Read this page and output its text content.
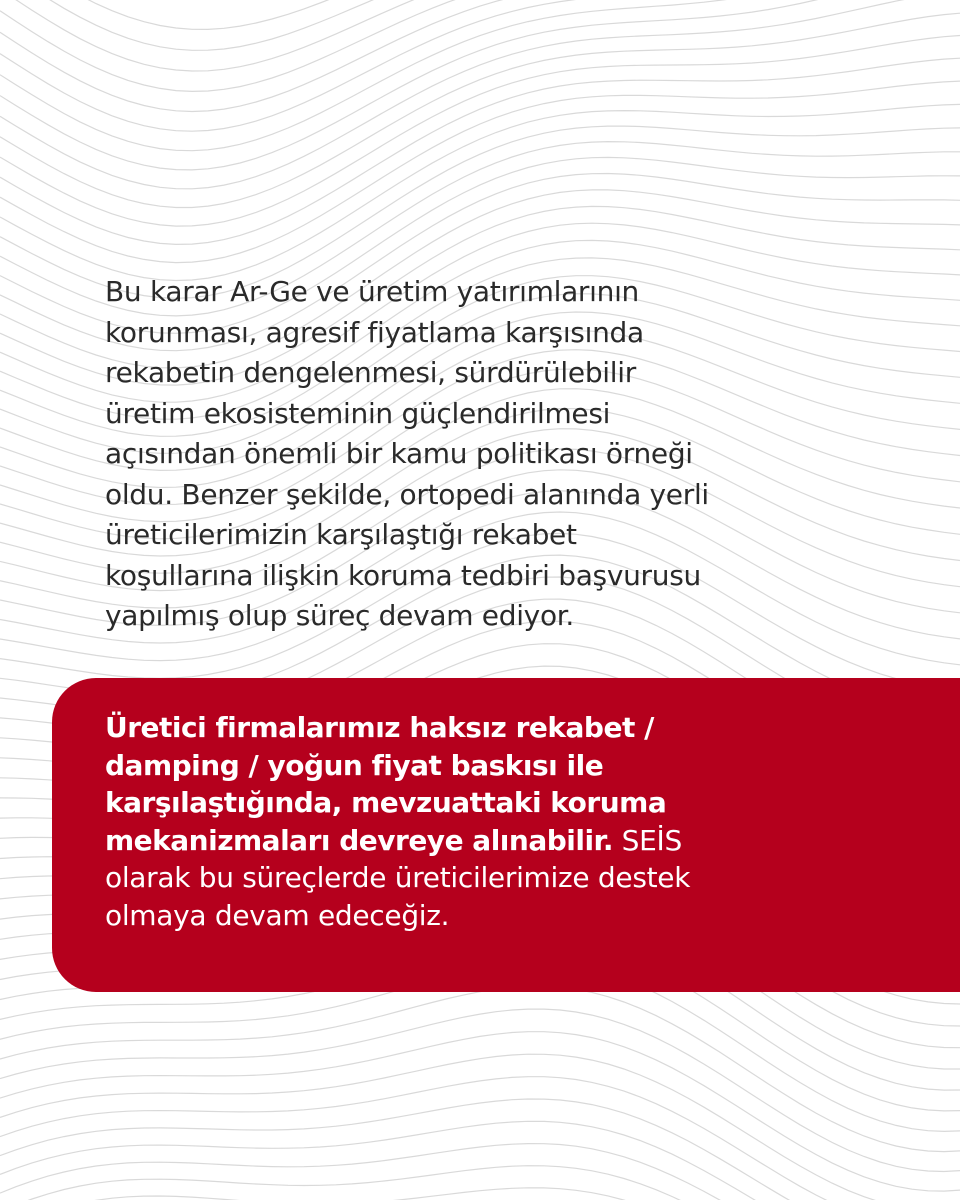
Bu karar Ar-Ge ve üretim yatırımlarının
korunması, agresif fiyatlama karşısında
rekabetin dengelenmesi, sürdürülebilir
üretim ekosisteminin güçlendirilmesi
açısından önemli bir kamu politikası örneği
oldu. Benzer şekilde, ortopedi alanında yerli
üreticilerimizin karşılaştığı rekabet
koşullarına ilişkin koruma tedbiri başvurusu
yapılmış olup süreç devam ediyor.

Üretici firmalarımız haksız rekabet /
damping / yoğun fiyat baskısı ile
karşılaştığında, mevzuattaki koruma
mekanizmaları devreye alınabilir. SEİS
olarak bu süreçlerde üreticilerimize destek
olmaya devam edeceğiz.
